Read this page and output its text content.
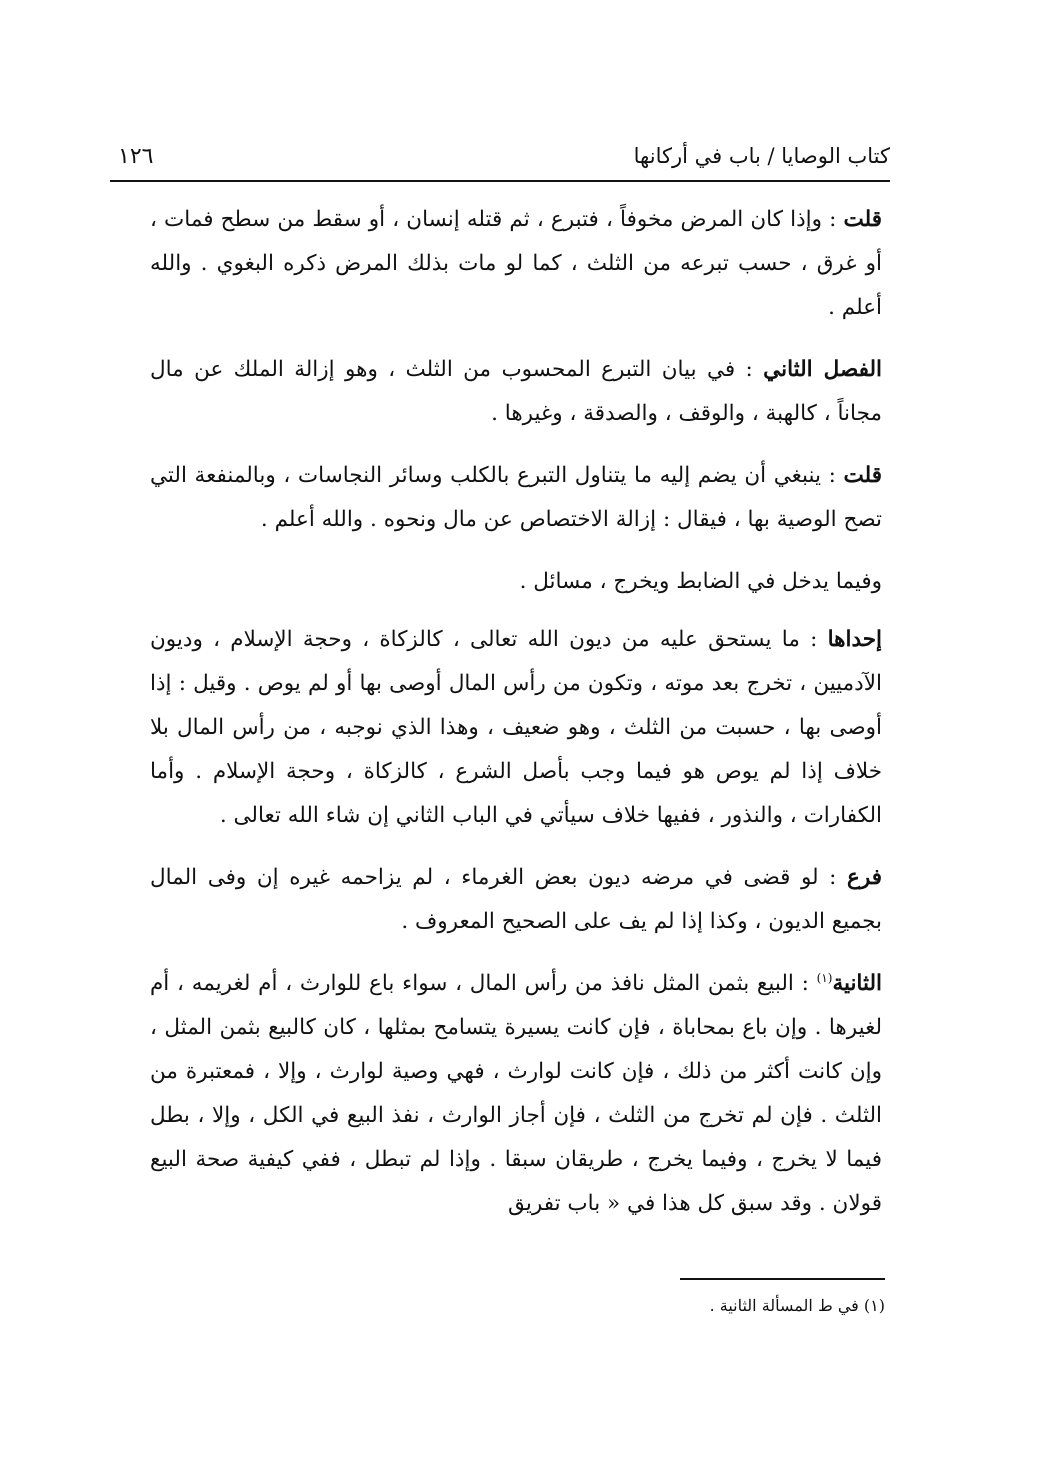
كتاب الوصايا / باب في أركانها
١٢٦

قلت : وإذا كان المرض مخوفاً ، فتبرع ، ثم قتله إنسان ، أو سقط من سطح فمات ، أو غرق ، حسب تبرعه من الثلث ، كما لو مات بذلك المرض ذكره البغوي . والله أعلم .

الفصل الثاني : في بيان التبرع المحسوب من الثلث ، وهو إزالة الملك عن مال مجاناً ، كالهبة ، والوقف ، والصدقة ، وغيرها .

قلت : ينبغي أن يضم إليه ما يتناول التبرع بالكلب وسائر النجاسات ، وبالمنفعة التي تصح الوصية بها ، فيقال : إزالة الاختصاص عن مال ونحوه . والله أعلم .

وفيما يدخل في الضابط ويخرج ، مسائل .

إحداها : ما يستحق عليه من ديون الله تعالى ، كالزكاة ، وحجة الإسلام ، وديون الآدميين ، تخرج بعد موته ، وتكون من رأس المال أوصى بها أو لم يوص . وقيل : إذا أوصى بها ، حسبت من الثلث ، وهو ضعيف ، وهذا الذي نوجبه ، من رأس المال بلا خلاف إذا لم يوص هو فيما وجب بأصل الشرع ، كالزكاة ، وحجة الإسلام . وأما الكفارات ، والنذور ، ففيها خلاف سيأتي في الباب الثاني إن شاء الله تعالى .

فرع : لو قضى في مرضه ديون بعض الغرماء ، لم يزاحمه غيره إن وفى المال بجميع الديون ، وكذا إذا لم يف على الصحيح المعروف .

الثانية$^{(١)}$ : البيع بثمن المثل نافذ من رأس المال ، سواء باع للوارث ، أم لغريمه ، أم لغيرها . وإن باع بمحاباة ، فإن كانت يسيرة يتسامح بمثلها ، كان كالبيع بثمن المثل ، وإن كانت أكثر من ذلك ، فإن كانت لوارث ، فهي وصية لوارث ، وإلا ، فمعتبرة من الثلث . فإن لم تخرج من الثلث ، فإن أجاز الوارث ، نفذ البيع في الكل ، وإلا ، بطل فيما لا يخرج ، وفيما يخرج ، طريقان سبقا . وإذا لم تبطل ، ففي كيفية صحة البيع قولان . وقد سبق كل هذا في « باب تفريق

(١) في ط المسألة الثانية .
